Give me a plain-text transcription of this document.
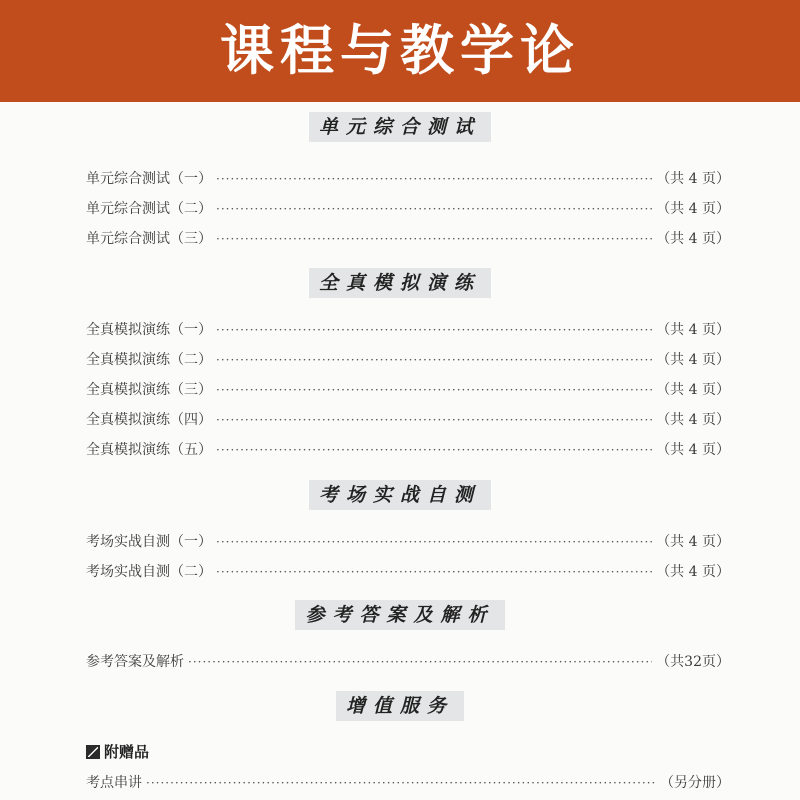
课程与教学论
单元综合测试
单元综合测试（一） ·····	（共 4 页）
单元综合测试（二） ·····	（共 4 页）
单元综合测试（三） ·····	（共 4 页）
全真模拟演练
全真模拟演练（一） ·····	（共 4 页）
全真模拟演练（二） ·····	（共 4 页）
全真模拟演练（三） ·····	（共 4 页）
全真模拟演练（四） ·····	（共 4 页）
全真模拟演练（五） ·····	（共 4 页）
考场实战自测
考场实战自测（一） ·····	（共 4 页）
考场实战自测（二） ·····	（共 4 页）
参考答案及解析
参考答案及解析 ·····	（共32页）
增值服务
附赠品
考点串讲 ·····	（另分册）
